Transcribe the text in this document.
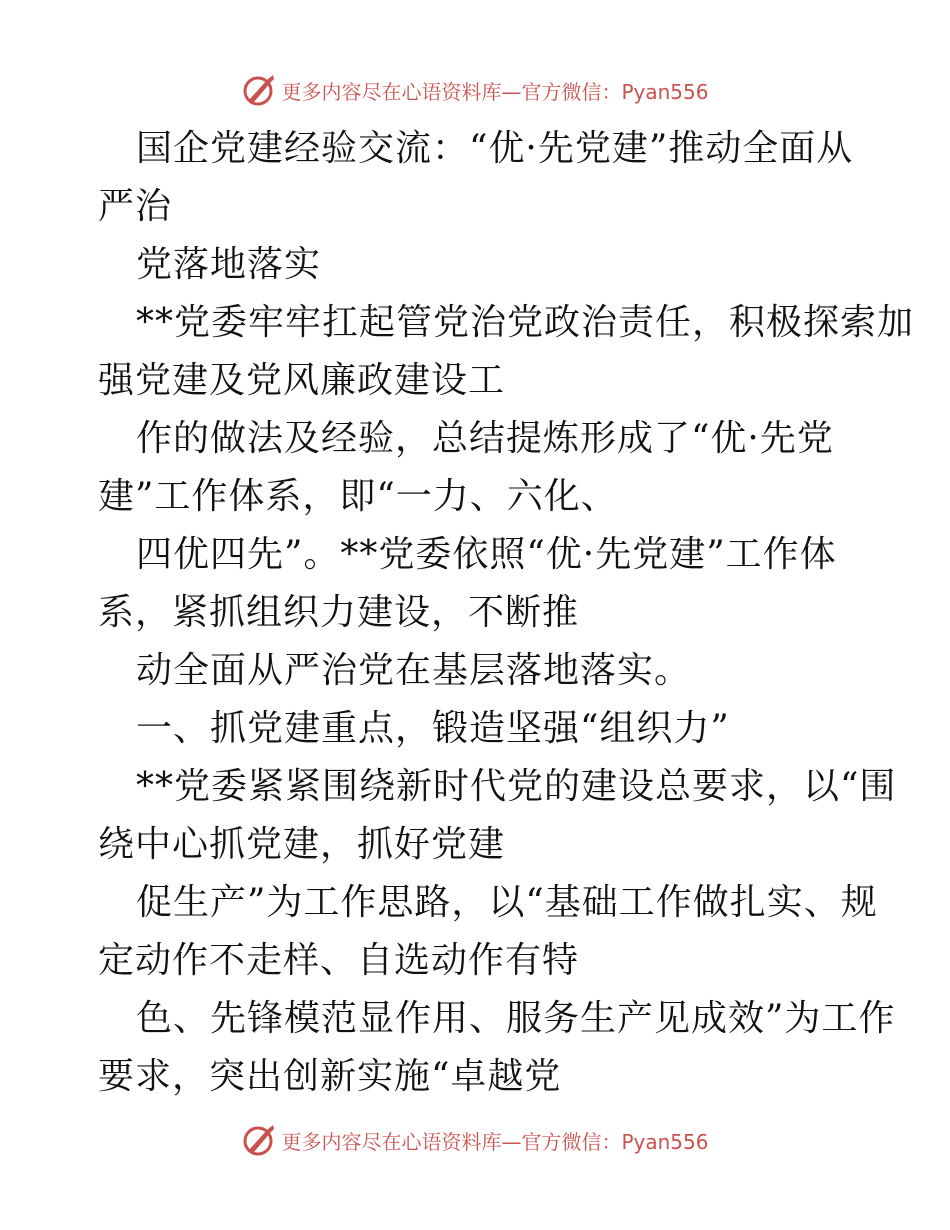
更多内容尽在心语资料库—官方微信：Pyan556
国企党建经验交流：“优·先党建”推动全面从
严治
党落地落实
**党委牢牢扛起管党治党政治责任，积极探索加
强党建及党风廉政建设工
作的做法及经验，总结提炼形成了“优·先党
建”工作体系，即“一力、六化、
四优四先”。**党委依照“优·先党建”工作体
系，紧抓组织力建设，不断推
动全面从严治党在基层落地落实。
一、抓党建重点，锻造坚强“组织力”
**党委紧紧围绕新时代党的建设总要求，以“围
绕中心抓党建，抓好党建
促生产”为工作思路，以“基础工作做扎实、规
定动作不走样、自选动作有特
色、先锋模范显作用、服务生产见成效”为工作
要求，突出创新实施“卓越党
更多内容尽在心语资料库—官方微信：Pyan556
